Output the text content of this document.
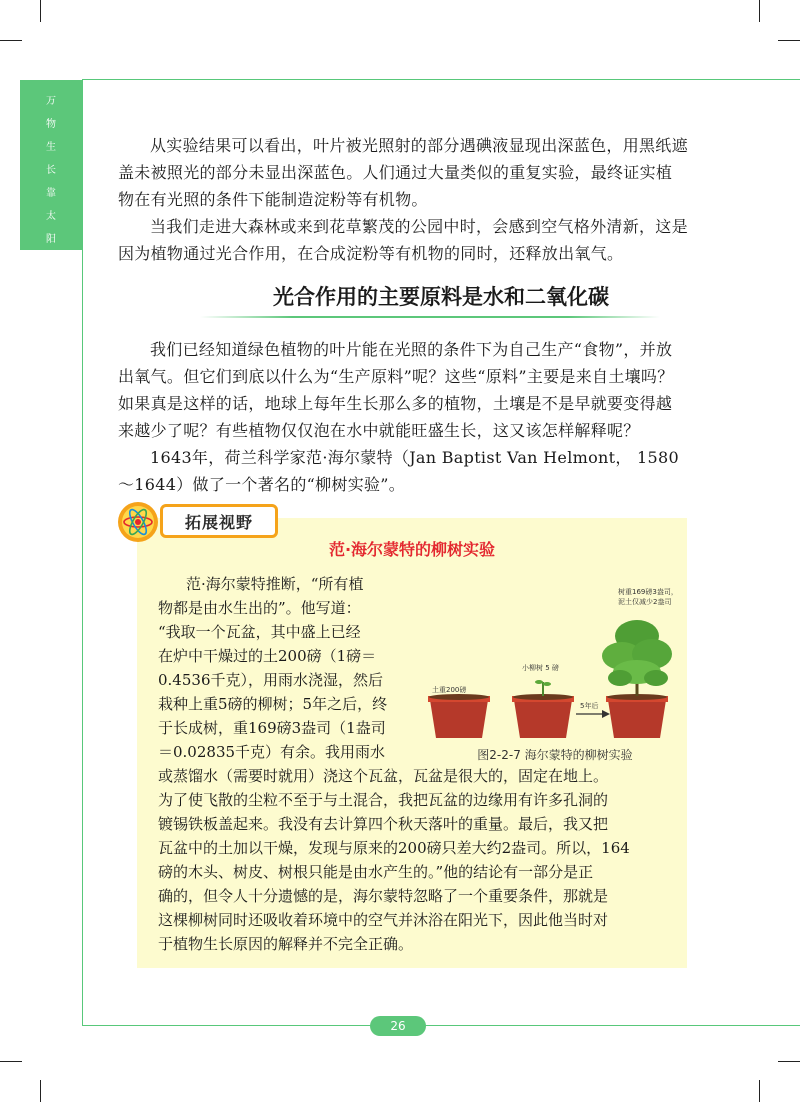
万
物
生
长
靠
太
阳

从实验结果可以看出，叶片被光照射的部分遇碘液显现出深蓝色，用黑纸遮盖未被照光的部分未显出深蓝色。人们通过大量类似的重复实验，最终证实植物在有光照的条件下能制造淀粉等有机物。

当我们走进大森林或来到花草繁茂的公园中时，会感到空气格外清新，这是因为植物通过光合作用，在合成淀粉等有机物的同时，还释放出氧气。

光合作用的主要原料是水和二氧化碳

我们已经知道绿色植物的叶片能在光照的条件下为自己生产“食物”，并放出氧气。但它们到底以什么为“生产原料”呢？这些“原料”主要是来自土壤吗？如果真是这样的话，地球上每年生长那么多的植物，土壤是不是早就要变得越来越少了呢？有些植物仅仅泡在水中就能旺盛生长，这又该怎样解释呢？

1643年，荷兰科学家范·海尔蒙特（Jan Baptist Van Helmont， 1580～1644）做了一个著名的“柳树实验”。

拓展视野
范·海尔蒙特的柳树实验

范·海尔蒙特推断，“所有植

物都是由水生出的”。他写道：

“我取一个瓦盆，其中盛上已经

在炉中干燥过的土200磅（1磅＝

0.4536千克），用雨水浇湿，然后

栽种上重5磅的柳树；5年之后，终

于长成树，重169磅3盎司（1盎司

＝0.02835千克）有余。我用雨水

土重200磅
小柳树 5 磅
树重169磅3盎司，
泥土仅减少2盎司
5年后
图2-2-7 海尔蒙特的柳树实验

或蒸馏水（需要时就用）浇这个瓦盆，瓦盆是很大的，固定在地上。

为了使飞散的尘粒不至于与土混合，我把瓦盆的边缘用有许多孔洞的

镀锡铁板盖起来。我没有去计算四个秋天落叶的重量。最后，我又把

瓦盆中的土加以干燥，发现与原来的200磅只差大约2盎司。所以，164

磅的木头、树皮、树根只能是由水产生的。”他的结论有一部分是正

确的，但令人十分遗憾的是，海尔蒙特忽略了一个重要条件，那就是

这棵柳树同时还吸收着环境中的空气并沐浴在阳光下，因此他当时对

于植物生长原因的解释并不完全正确。

26
